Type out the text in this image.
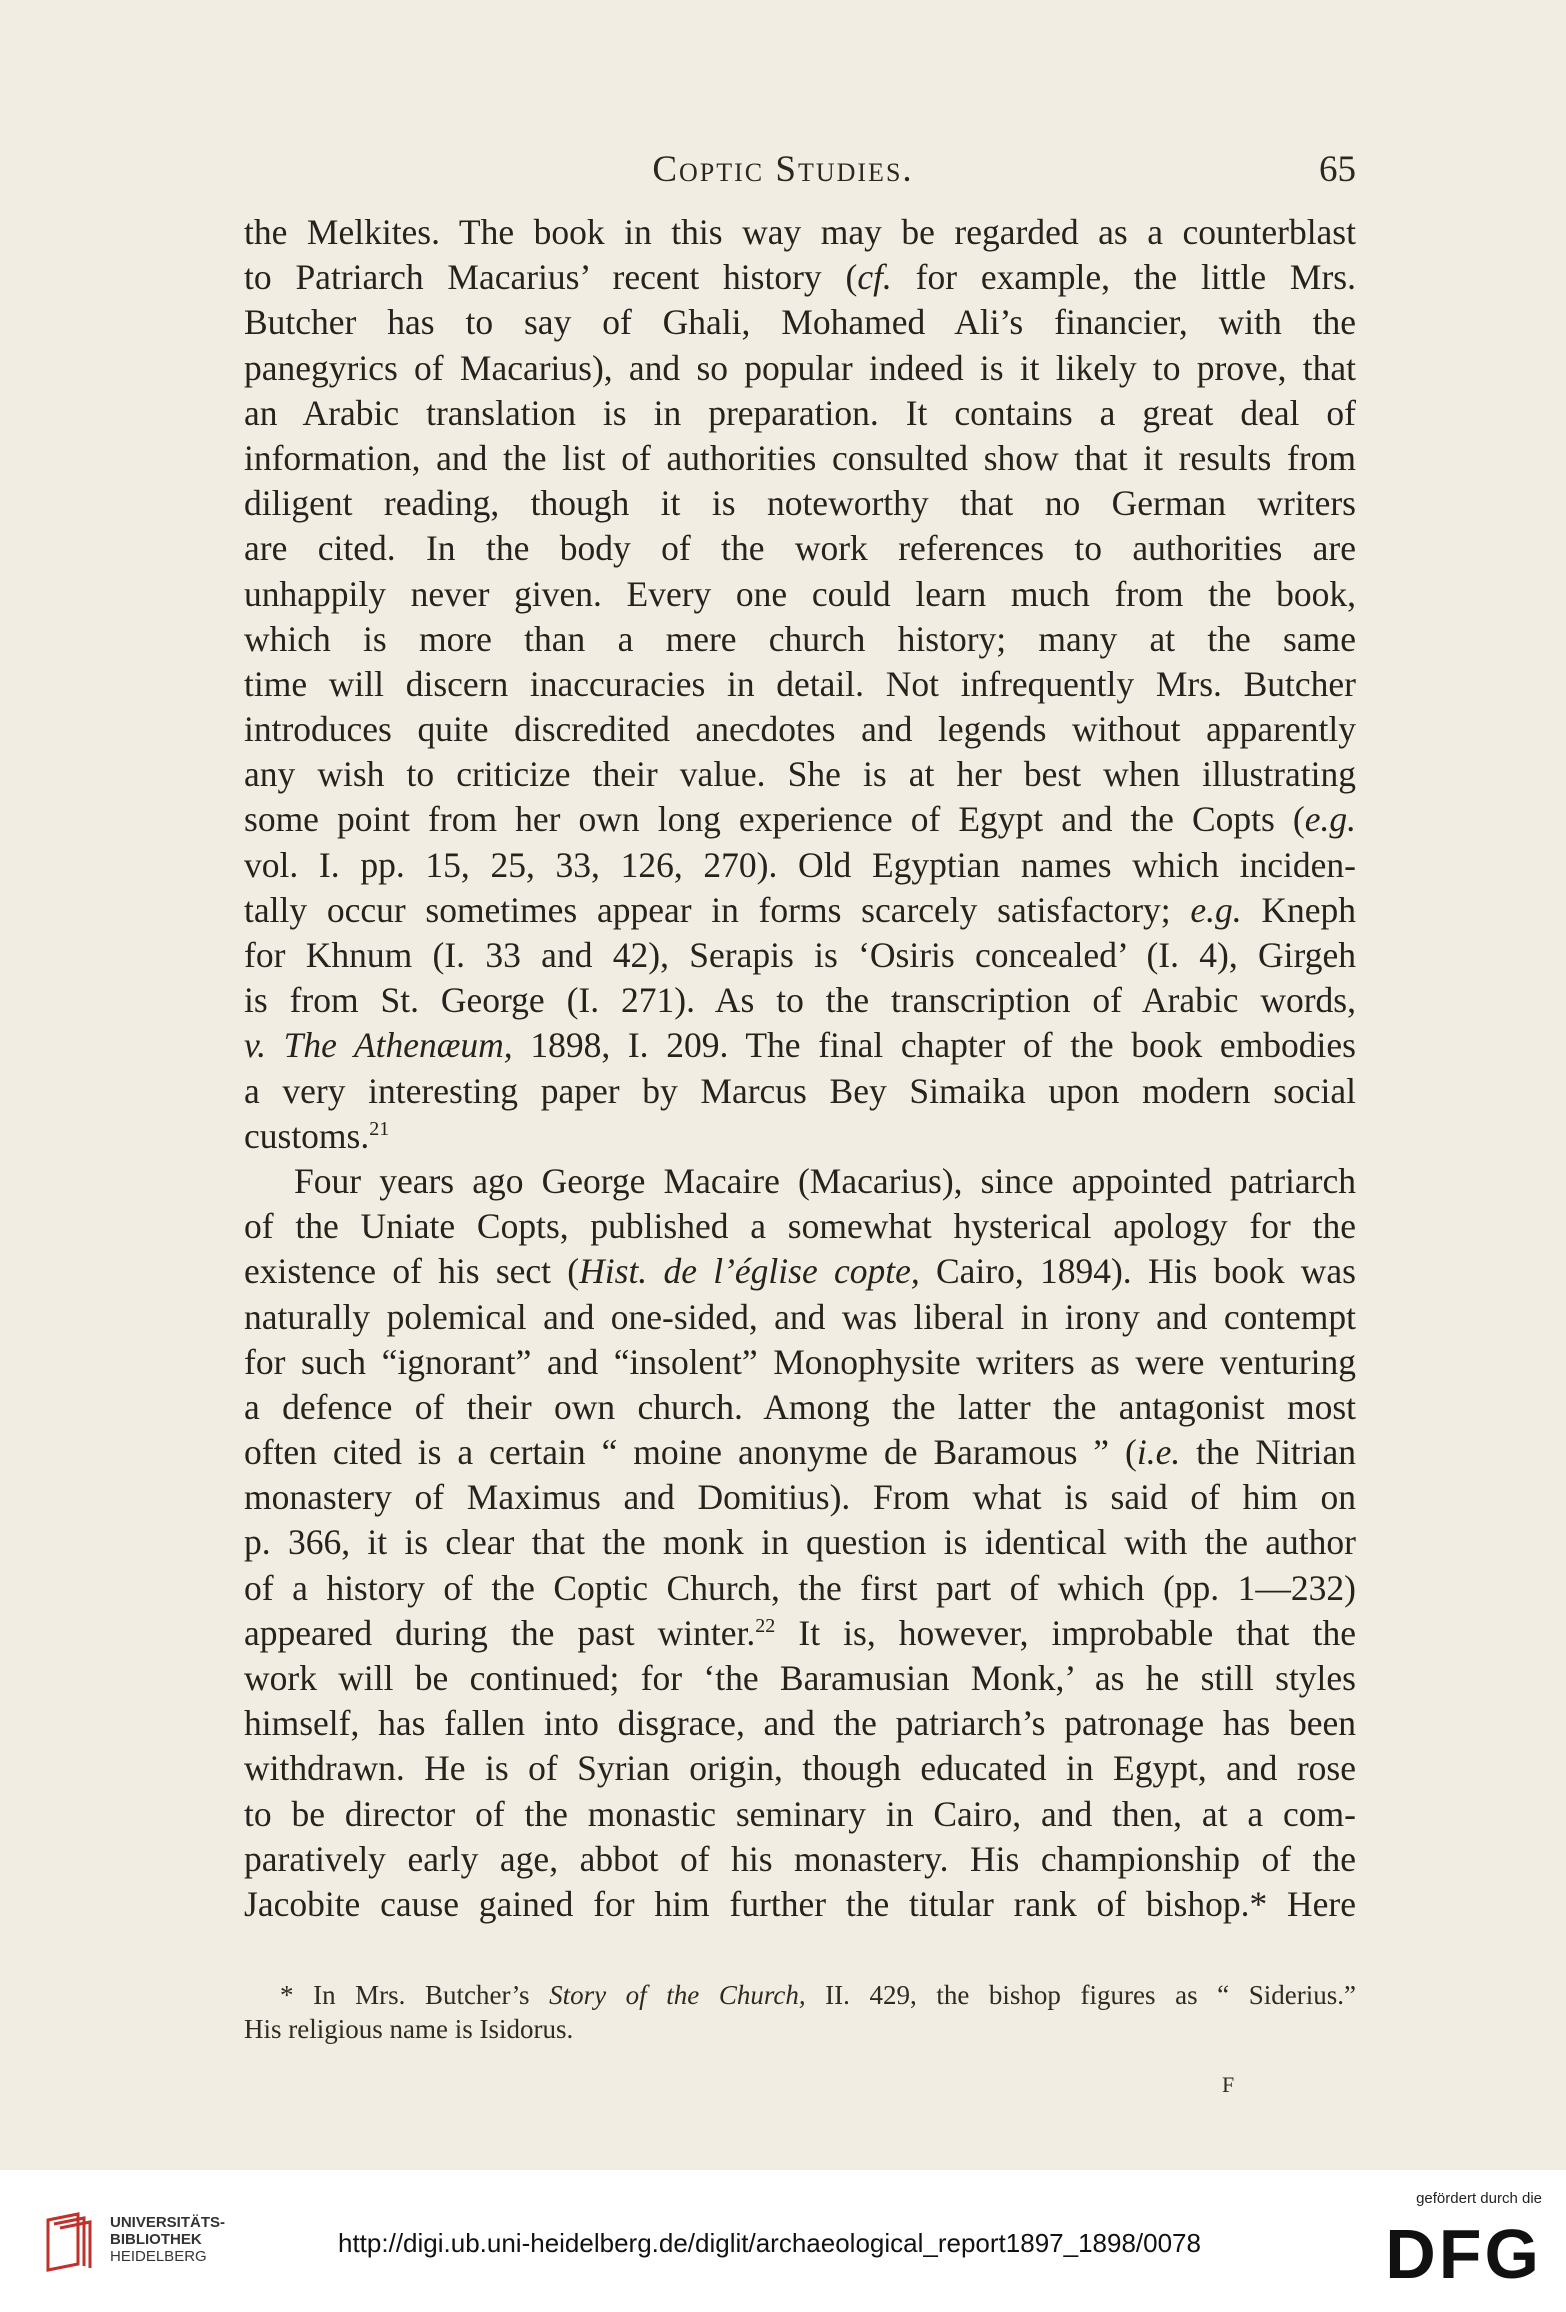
Coptic Studies.	65
the Melkites. The book in this way may be regarded as a counterblast
to Patriarch Macarius’ recent history (cf. for example, the little Mrs.
Butcher has to say of Ghali, Mohamed Ali’s financier, with the
panegyrics of Macarius), and so popular indeed is it likely to prove, that
an Arabic translation is in preparation. It contains a great deal of
information, and the list of authorities consulted show that it results from
diligent reading, though it is noteworthy that no German writers
are cited. In the body of the work references to authorities are
unhappily never given. Every one could learn much from the book,
which is more than a mere church history; many at the same
time will discern inaccuracies in detail. Not infrequently Mrs. Butcher
introduces quite discredited anecdotes and legends without apparently
any wish to criticize their value. She is at her best when illustrating
some point from her own long experience of Egypt and the Copts (e.g.
vol. I. pp. 15, 25, 33, 126, 270). Old Egyptian names which inciden-
tally occur sometimes appear in forms scarcely satisfactory; e.g. Kneph
for Khnum (I. 33 and 42), Serapis is ‘Osiris concealed’ (I. 4), Girgeh
is from St. George (I. 271). As to the transcription of Arabic words,
v. The Athenæum, 1898, I. 209. The final chapter of the book embodies
a very interesting paper by Marcus Bey Simaika upon modern social
customs.$^{21}$
Four years ago George Macaire (Macarius), since appointed patriarch
of the Uniate Copts, published a somewhat hysterical apology for the
existence of his sect (Hist. de l’église copte, Cairo, 1894). His book was
naturally polemical and one-sided, and was liberal in irony and contempt
for such “ignorant” and “insolent” Monophysite writers as were venturing
a defence of their own church. Among the latter the antagonist most
often cited is a certain “ moine anonyme de Baramous ” (i.e. the Nitrian
monastery of Maximus and Domitius). From what is said of him on
p. 366, it is clear that the monk in question is identical with the author
of a history of the Coptic Church, the first part of which (pp. 1—232)
appeared during the past winter.$^{22}$ It is, however, improbable that the
work will be continued; for ‘the Baramusian Monk,’ as he still styles
himself, has fallen into disgrace, and the patriarch’s patronage has been
withdrawn. He is of Syrian origin, though educated in Egypt, and rose
to be director of the monastic seminary in Cairo, and then, at a com-
paratively early age, abbot of his monastery. His championship of the
Jacobite cause gained for him further the titular rank of bishop.* Here
* In Mrs. Butcher’s Story of the Church, II. 429, the bishop figures as “ Siderius.”
His religious name is Isidorus.
F
UNIVERSITÄTS-
BIBLIOTHEK
HEIDELBERG	http://digi.ub.uni-heidelberg.de/diglit/archaeological_report1897_1898/0078
gefördert durch die
DFG
